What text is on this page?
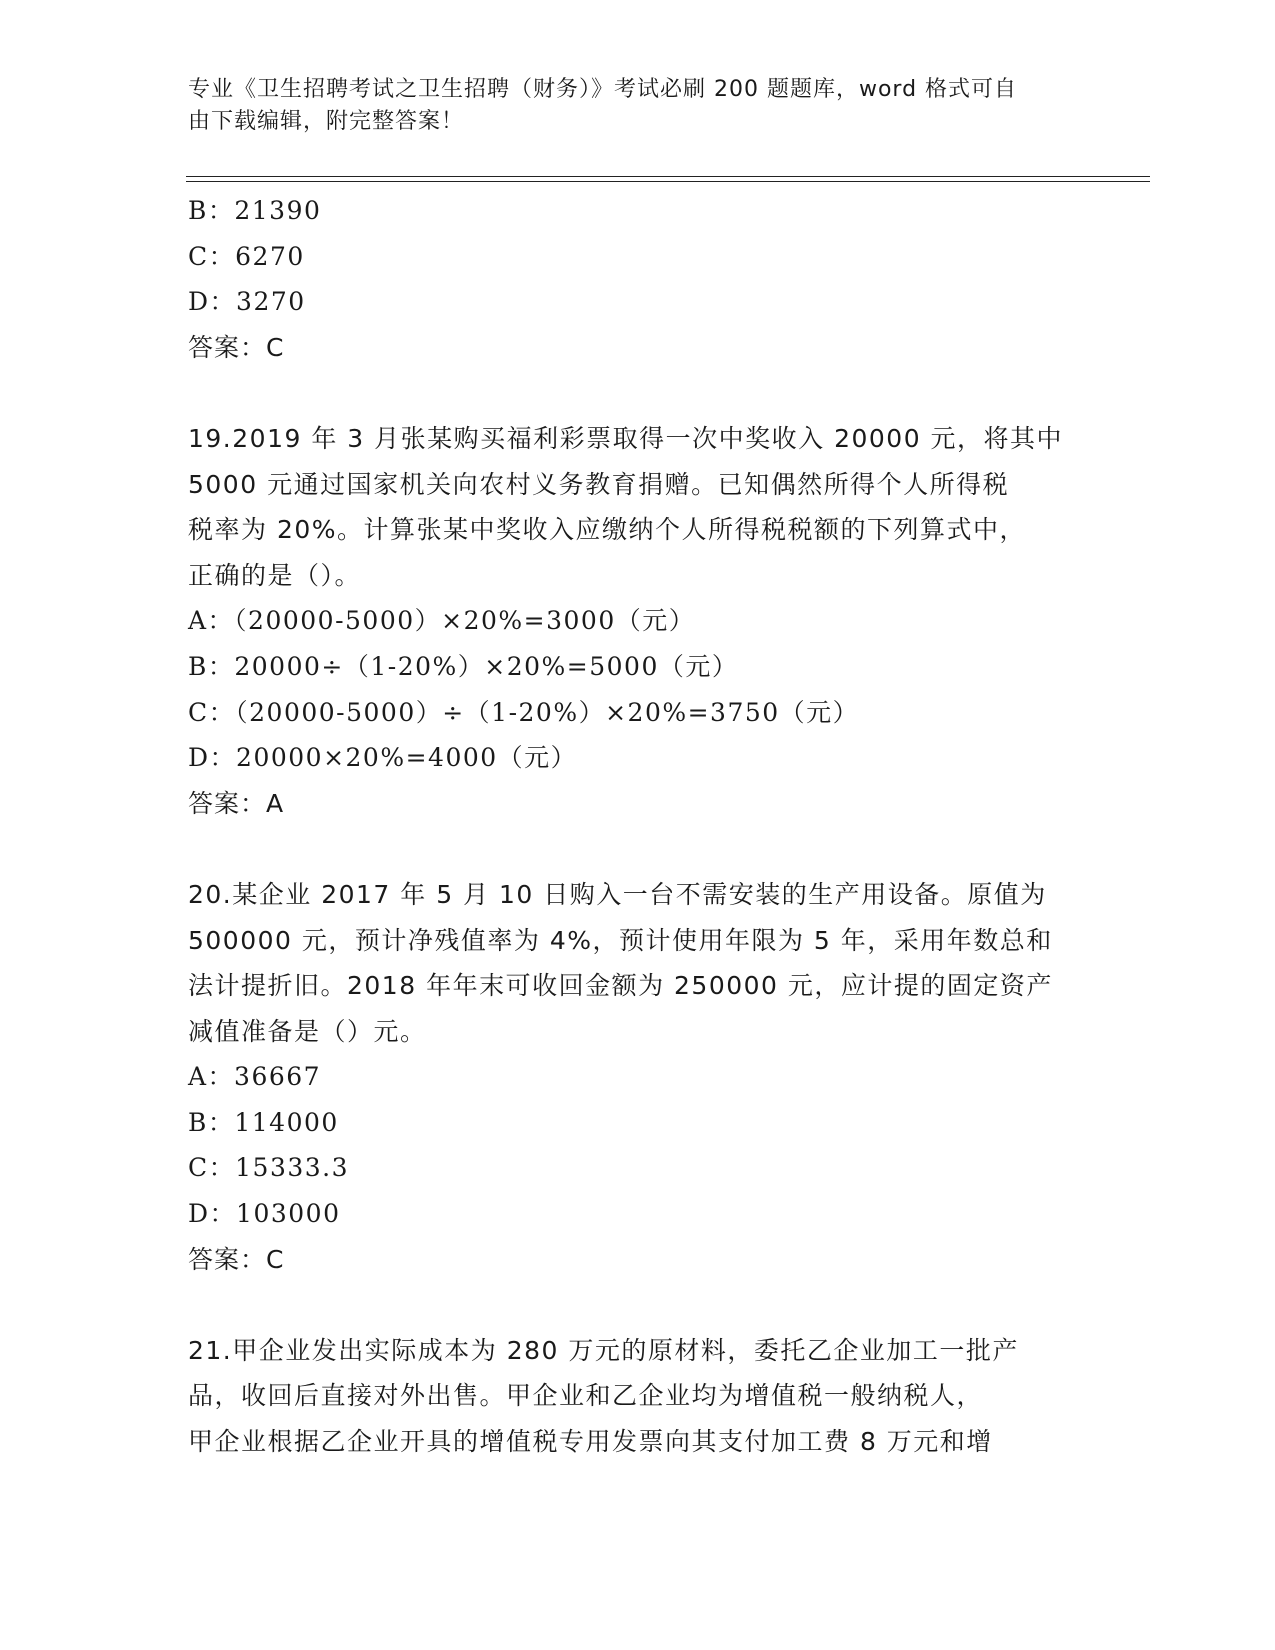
专业《卫生招聘考试之卫生招聘（财务）》考试必刷 200 题题库，word 格式可自
由下载编辑，附完整答案！
B：21390
C：6270
D：3270
答案：C
19.2019 年 3 月张某购买福利彩票取得一次中奖收入 20000 元，将其中
5000 元通过国家机关向农村义务教育捐赠。已知偶然所得个人所得税
税率为 20%。计算张某中奖收入应缴纳个人所得税税额的下列算式中，
正确的是（）。
A：（20000-5000）×20%=3000（元）
B：20000÷（1-20%）×20%=5000（元）
C：（20000-5000）÷（1-20%）×20%=3750（元）
D：20000×20%=4000（元）
答案：A
20.某企业 2017 年 5 月 10 日购入一台不需安装的生产用设备。原值为
500000 元，预计净残值率为 4%，预计使用年限为 5 年，采用年数总和
法计提折旧。2018 年年末可收回金额为 250000 元，应计提的固定资产
减值准备是（）元。
A：36667
B：114000
C：15333.3
D：103000
答案：C
21.甲企业发出实际成本为 280 万元的原材料，委托乙企业加工一批产
品，收回后直接对外出售。甲企业和乙企业均为增值税一般纳税人，
甲企业根据乙企业开具的增值税专用发票向其支付加工费 8 万元和增
